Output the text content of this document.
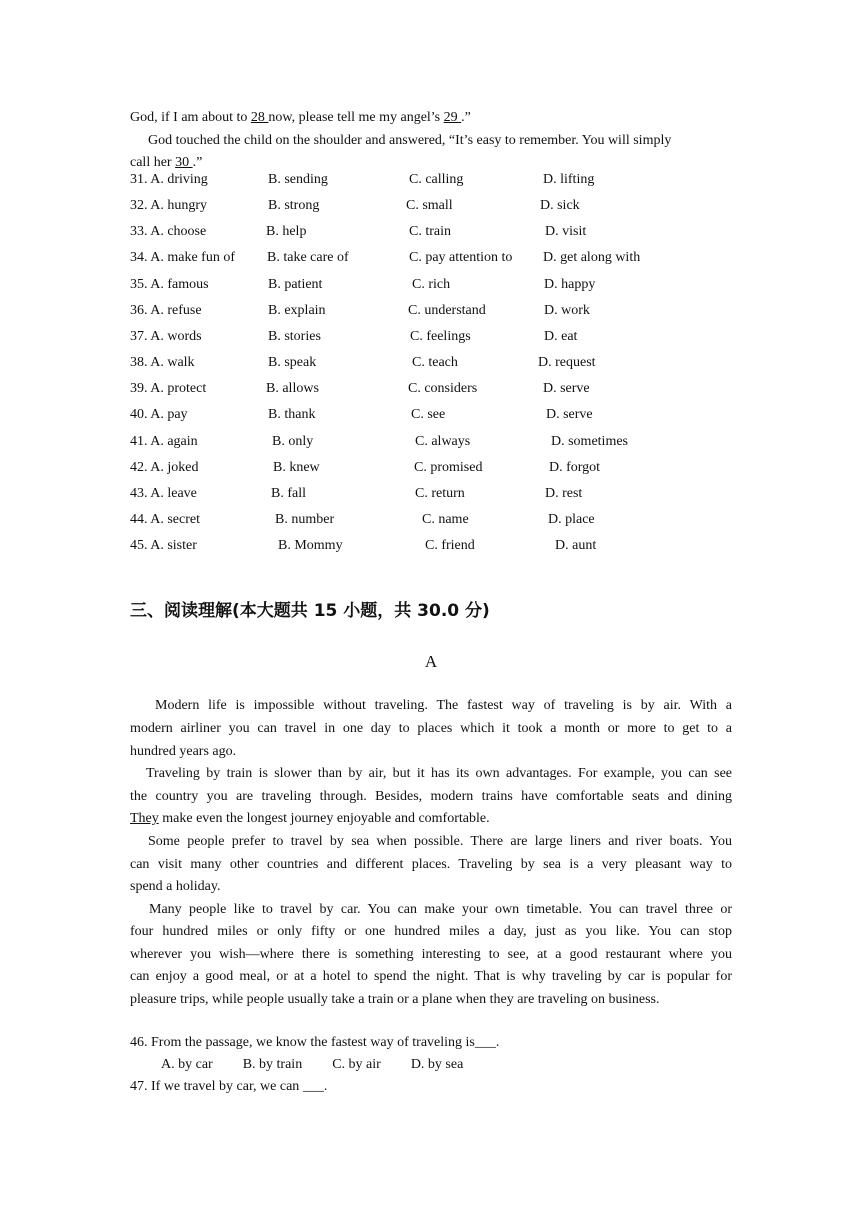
God, if I am about to 28 now, please tell me my angel’s 29 .”
God touched the child on the shoulder and answered, “It’s easy to remember. You will simply
call her 30 .”
31. A. driving	B. sending	C. calling	D. lifting
32. A. hungry	B. strong	C. small	D. sick
33. A. choose	B. help	C. train	D. visit
34. A. make fun of B. take care of	C. pay attention to D. get along with
35. A. famous	B. patient	C. rich	D. happy
36. A. refuse	B. explain	C. understand	D. work
37. A. words	B. stories	C. feelings	D. eat
38. A. walk	B. speak	C. teach	D. request
39. A. protect	B. allows	C. considers	D. serve
40. A. pay	B. thank	C. see	D. serve
41. A. again	B. only	C. always	D. sometimes
42. A. joked	B. knew	C. promised	D. forgot
43. A. leave	B. fall	C. return	D. rest
44. A. secret	B. number	C. name	D. place
45. A. sister	B. Mommy	C. friend	D. aunt
三、阅读理解(本大题共 15 小题，共 30.0 分)
A
Modern life is impossible without traveling. The fastest way of traveling is by air. With a
modern airliner you can travel in one day to places which it took a month or more to get to a
hundred years ago.
Traveling by train is slower than by air, but it has its own advantages. For example, you can see
the country you are traveling through. Besides, modern trains have comfortable seats and dining
They make even the longest journey enjoyable and comfortable.
Some people prefer to travel by sea when possible. There are large liners and river boats. You
can visit many other countries and different places. Traveling by sea is a very pleasant way to
spend a holiday.
Many people like to travel by car. You can make your own timetable. You can travel three or
four hundred miles or only fifty or one hundred miles a day, just as you like. You can stop
wherever you wish—where there is something interesting to see, at a good restaurant where you
can enjoy a good meal, or at a hotel to spend the night. That is why traveling by car is popular for
pleasure trips, while people usually take a train or a plane when they are traveling on business.
46. From the passage, we know the fastest way of traveling is___.
A. by car B. by train C. by air D. by sea
47. If we travel by car, we can ___.
